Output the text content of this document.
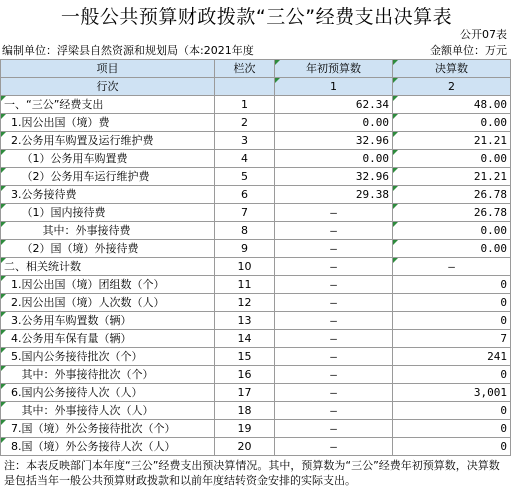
一般公共预算财政拨款“三公”经费支出决算表
公开07表
编制单位：浮梁县自然资源和规划局（本:2021年度	金额单位：万元
项目	栏次	年初预算数	决算数
行次		1	2
一、“三公”经费支出	1	62.34	48.00
1.因公出国（境）费	2	0.00	0.00
2.公务用车购置及运行维护费	3	32.96	21.21
（1）公务用车购置费	4	0.00	0.00
（2）公务用车运行维护费	5	32.96	21.21
3.公务接待费	6	29.38	26.78
（1）国内接待费	7	–	26.78
其中：外事接待费	8	–	0.00
（2）国（境）外接待费	9	–	0.00
二、相关统计数	10	–	–
1.因公出国（境）团组数（个）	11	–	0
2.因公出国（境）人次数（人）	12	–	0
3.公务用车购置数（辆）	13	–	0
4.公务用车保有量（辆）	14	–	7
5.国内公务接待批次（个）	15	–	241
其中：外事接待批次（个）	16	–	0
6.国内公务接待人次（人）	17	–	3,001
其中：外事接待人次（人）	18	–	0
7.国（境）外公务接待批次（个）	19	–	0
8.国（境）外公务接待人次（人）	20	–	0
注：本表反映部门本年度“三公”经费支出预决算情况。其中，预算数为“三公”经费年初预算数，决算数是包括当年一般公共预算财政拨款和以前年度结转资金安排的实际支出。
